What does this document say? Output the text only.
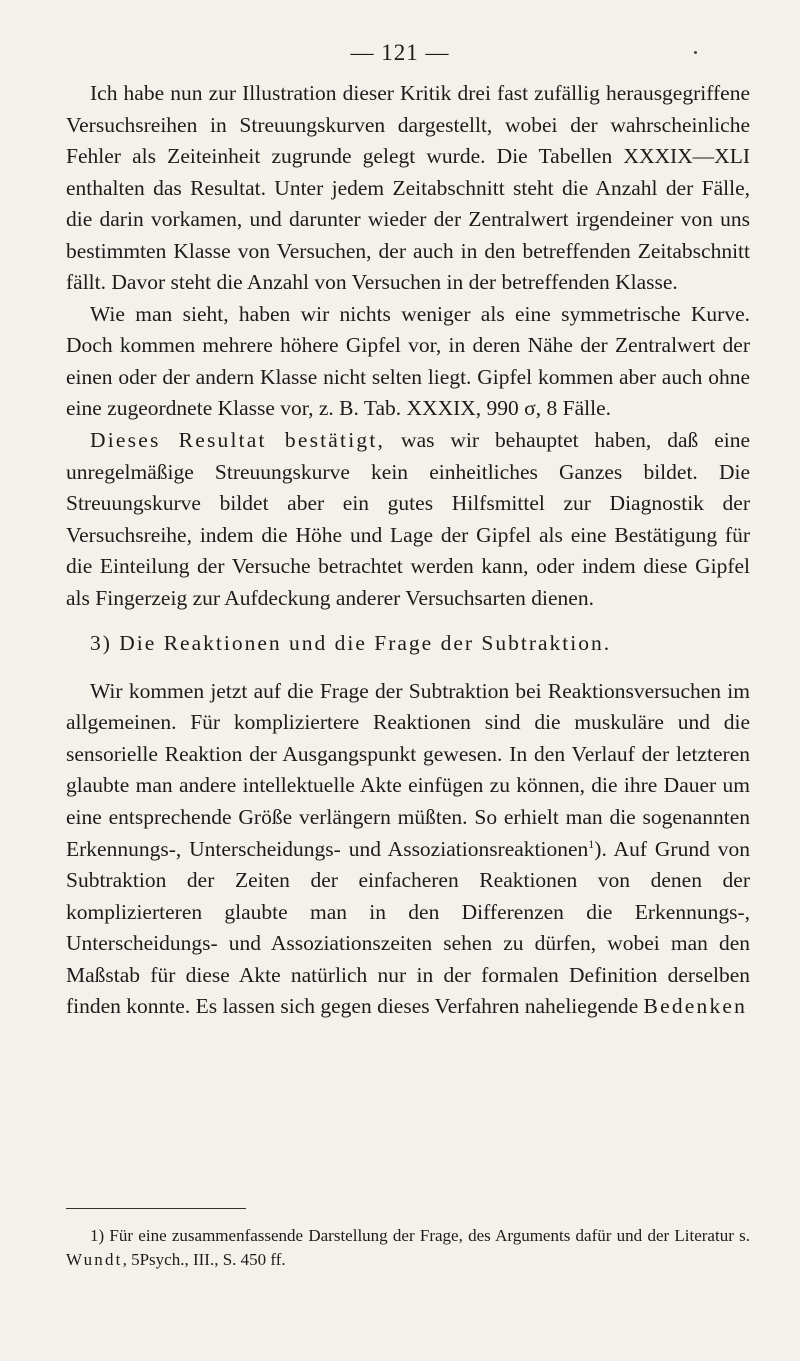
— 121 —

Ich habe nun zur Illustration dieser Kritik drei fast zufällig herausgegriffene Versuchsreihen in Streuungskurven dargestellt, wobei der wahrscheinliche Fehler als Zeiteinheit zugrunde gelegt wurde. Die Tabellen XXXIX—XLI enthalten das Resultat. Unter jedem Zeitabschnitt steht die Anzahl der Fälle, die darin vorkamen, und darunter wieder der Zentralwert irgendeiner von uns bestimmten Klasse von Versuchen, der auch in den betreffenden Zeitabschnitt fällt. Davor steht die Anzahl von Versuchen in der betreffenden Klasse.

Wie man sieht, haben wir nichts weniger als eine symmetrische Kurve. Doch kommen mehrere höhere Gipfel vor, in deren Nähe der Zentralwert der einen oder der andern Klasse nicht selten liegt. Gipfel kommen aber auch ohne eine zugeordnete Klasse vor, z. B. Tab. XXXIX, 990 σ, 8 Fälle.

Dieses Resultat bestätigt, was wir behauptet haben, daß eine unregelmäßige Streuungskurve kein einheitliches Ganzes bildet. Die Streuungskurve bildet aber ein gutes Hilfsmittel zur Diagnostik der Versuchsreihe, indem die Höhe und Lage der Gipfel als eine Bestätigung für die Einteilung der Versuche betrachtet werden kann, oder indem diese Gipfel als Fingerzeig zur Aufdeckung anderer Versuchsarten dienen.

3) Die Reaktionen und die Frage der Subtraktion.

Wir kommen jetzt auf die Frage der Subtraktion bei Reaktionsversuchen im allgemeinen. Für kompliziertere Reaktionen sind die muskuläre und die sensorielle Reaktion der Ausgangspunkt gewesen. In den Verlauf der letzteren glaubte man andere intellektuelle Akte einfügen zu können, die ihre Dauer um eine entsprechende Größe verlängern müßten. So erhielt man die sogenannten Erkennungs-, Unterscheidungs- und Assoziationsreaktionen$^1$). Auf Grund von Subtraktion der Zeiten der einfacheren Reaktionen von denen der komplizierteren glaubte man in den Differenzen die Erkennungs-, Unterscheidungs- und Assoziationszeiten sehen zu dürfen, wobei man den Maßstab für diese Akte natürlich nur in der formalen Definition derselben finden konnte. Es lassen sich gegen dieses Verfahren naheliegende Bedenken

1) Für eine zusammenfassende Darstellung der Frage, des Arguments dafür und der Literatur s. Wundt, 5Psych., III., S. 450 ff.
